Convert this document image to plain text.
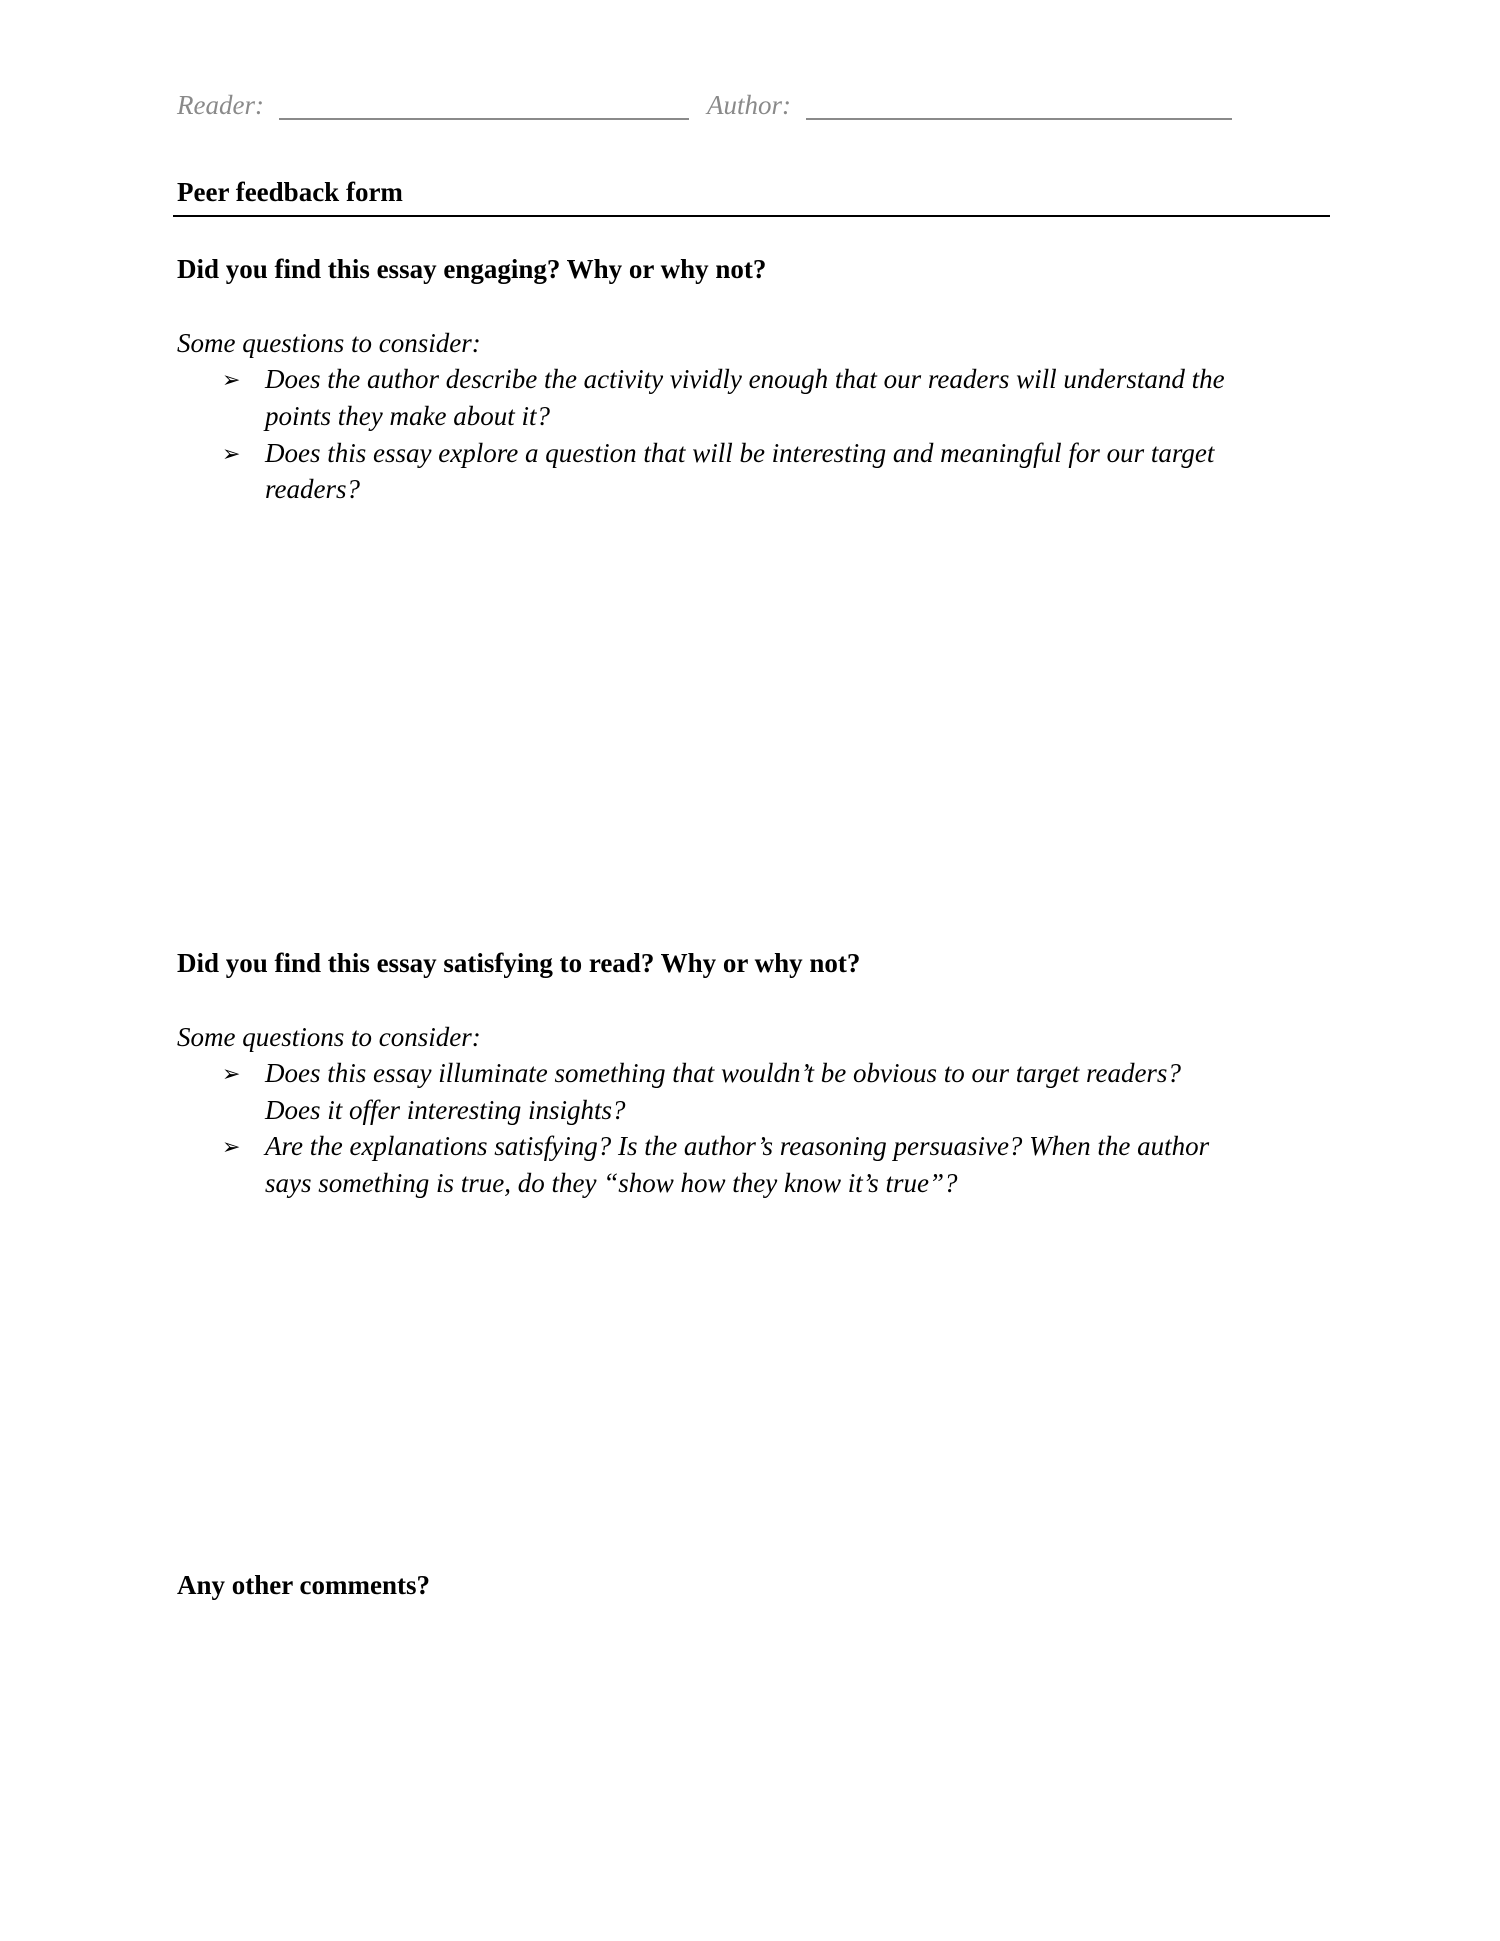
Reader:	Author:
Peer feedback form
Did you find this essay engaging? Why or why not?
Some questions to consider:
➢ Does the author describe the activity vividly enough that our readers will understand the
points they make about it?
➢ Does this essay explore a question that will be interesting and meaningful for our target
readers?
Did you find this essay satisfying to read? Why or why not?
Some questions to consider:
➢ Does this essay illuminate something that wouldn’t be obvious to our target readers?
Does it offer interesting insights?
➢ Are the explanations satisfying? Is the author’s reasoning persuasive? When the author
says something is true, do they “show how they know it’s true”?
Any other comments?
